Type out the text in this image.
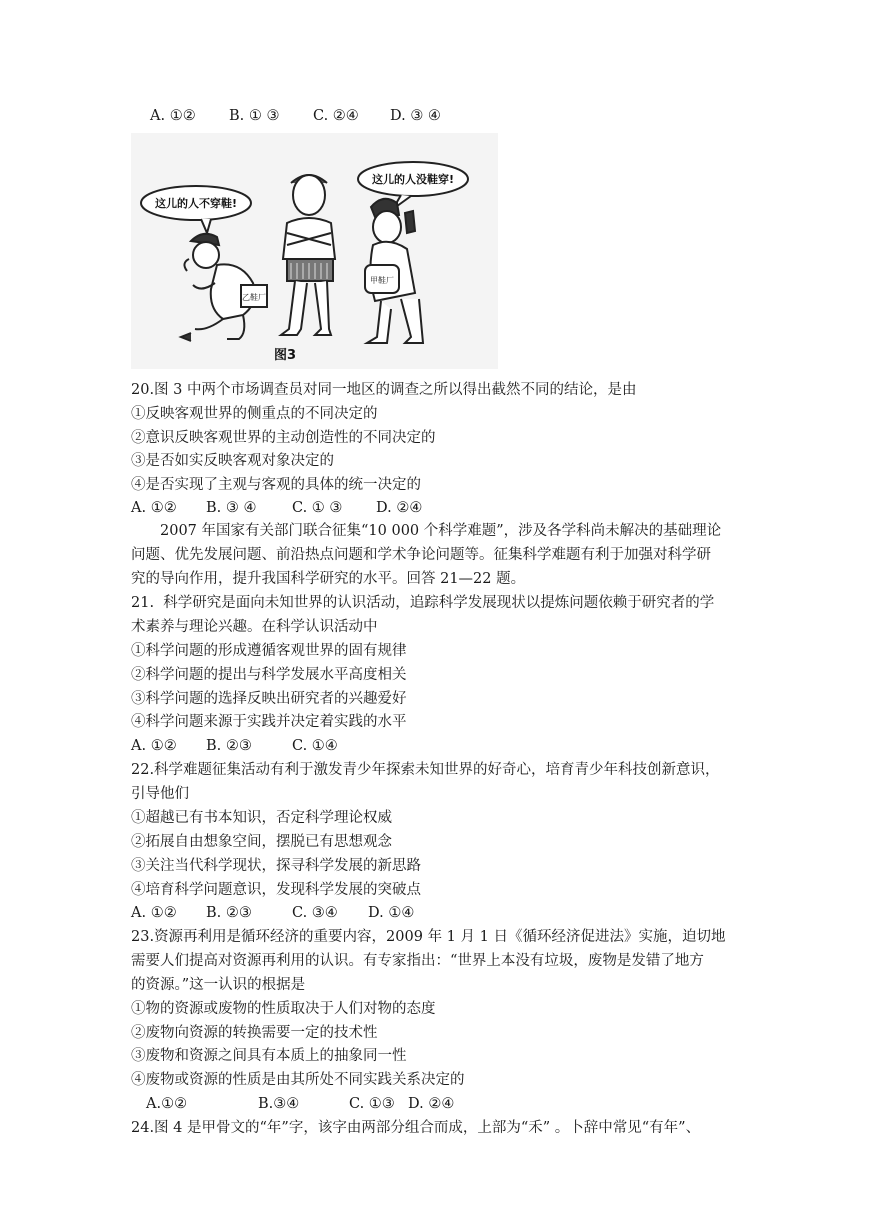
A. ①②

B. ① ③

C. ②④

D. ③ ④

这儿的人不穿鞋!
这儿的人没鞋穿!
乙鞋厂
甲鞋厂
图3
20.图 3 中两个市场调查员对同一地区的调查之所以得出截然不同的结论，是由
①反映客观世界的侧重点的不同决定的
②意识反映客观世界的主动创造性的不同决定的
③是否如实反映客观对象决定的
④是否实现了主观与客观的具体的统一决定的

A. ①②

B. ③ ④

C. ① ③

D. ②④

2007 年国家有关部门联合征集“10 000 个科学难题”，涉及各学科尚未解决的基础理论
问题、优先发展问题、前沿热点问题和学术争论问题等。征集科学难题有利于加强对科学研
究的导向作用，提升我国科学研究的水平。回答 21—22 题。
21.  科学研究是面向未知世界的认识活动，追踪科学发展现状以提炼问题依赖于研究者的学
术素养与理论兴趣。在科学认识活动中
①科学问题的形成遵循客观世界的固有规律
②科学问题的提出与科学发展水平高度相关
③科学问题的选择反映出研究者的兴趣爱好
④科学问题来源于实践并决定着实践的水平

A. ①②

B. ②③

	C. ①④

22.科学难题征集活动有利于激发青少年探索未知世界的好奇心，培育青少年科技创新意识，
引导他们
①超越已有书本知识，否定科学理论权威
②拓展自由想象空间，摆脱已有思想观念
③关注当代科学现状，探寻科学发展的新思路
④培育科学问题意识，发现科学发展的突破点

A. ①②

B. ②③

	C. ③④

D. ①④

23.资源再利用是循环经济的重要内容，2009 年 1 月 1 日《循环经济促进法》实施，迫切地
需要人们提高对资源再利用的认识。有专家指出：“世界上本没有垃圾，废物是发错了地方
的资源。”这一认识的根据是
①物的资源或废物的性质取决于人们对物的态度
②废物向资源的转换需要一定的技术性
③废物和资源之间具有本质上的抽象同一性
④废物或资源的性质是由其所处不同实践关系决定的

A.①②

	B.③④

	C. ①③

D. ②④

24.图 4 是甲骨文的“年”字，该字由两部分组合而成，上部为“禾” 。卜辞中常见“有年”、
